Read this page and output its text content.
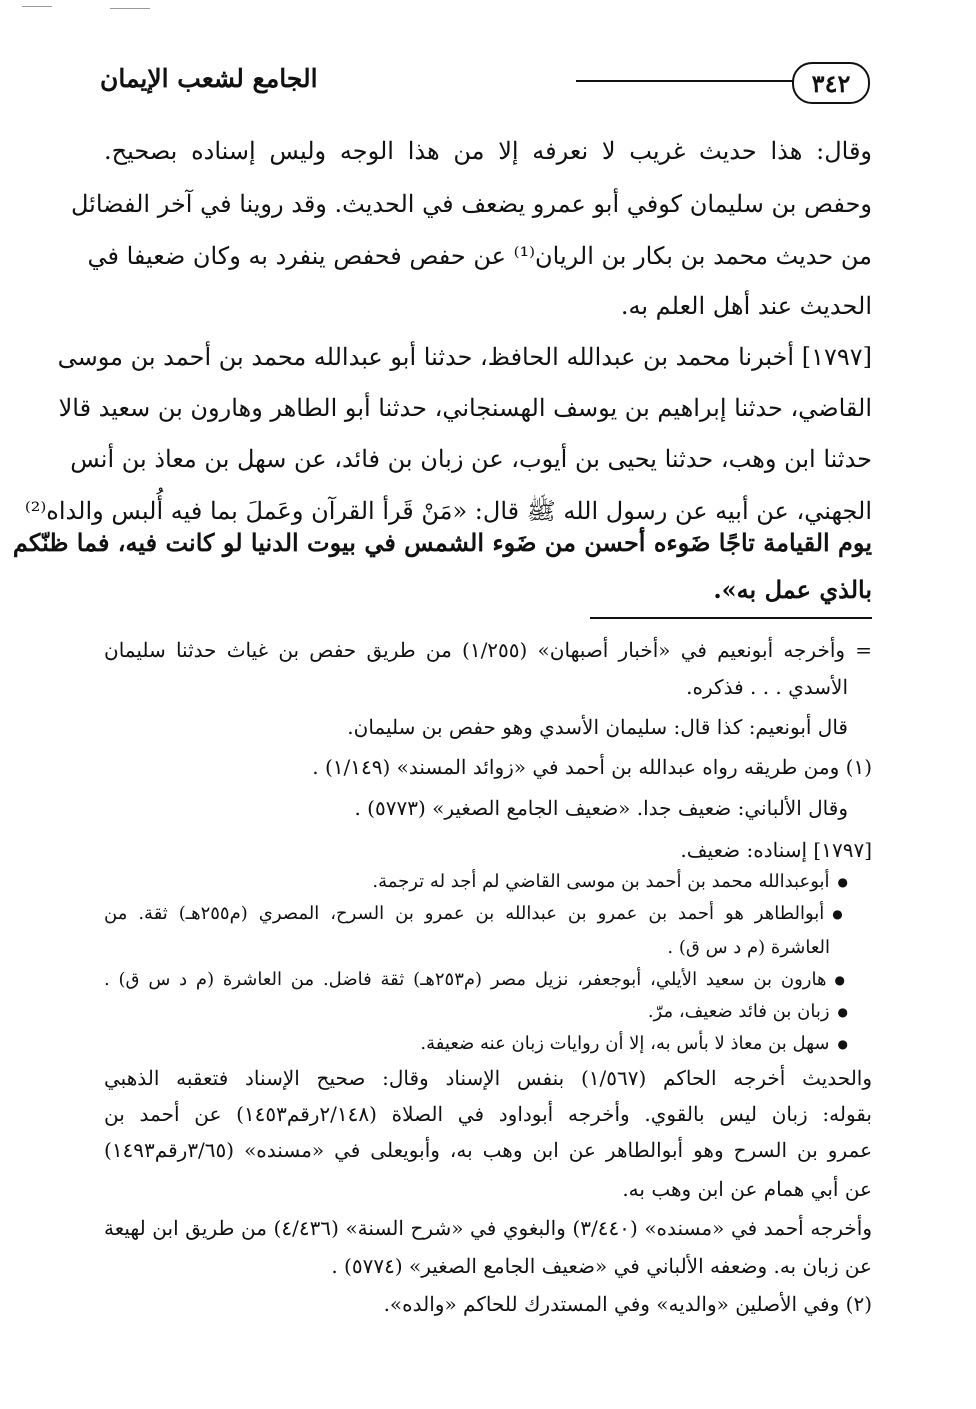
٣٤٢
الجامع لشعب الإيمان
وقال: هذا حديث غريب لا نعرفه إلا من هذا الوجه وليس إسناده بصحيح.
وحفص بن سليمان كوفي أبو عمرو يضعف في الحديث. وقد روينا في آخر الفضائل
من حديث محمد بن بكار بن الريان⁽¹⁾ عن حفص فحفص ينفرد به وكان ضعيفا في
الحديث عند أهل العلم به.
[١٧٩٧] أخبرنا محمد بن عبدالله الحافظ، حدثنا أبو عبدالله محمد بن أحمد بن موسى
القاضي، حدثنا إبراهيم بن يوسف الهسنجاني، حدثنا أبو الطاهر وهارون بن سعيد قالا
حدثنا ابن وهب، حدثنا يحيى بن أيوب، عن زبان بن فائد، عن سهل بن معاذ بن أنس
الجهني، عن أبيه عن رسول الله ﷺ قال: «مَنْ قَرأ القرآن وعَملَ بما فيه أُلبس والداه⁽²⁾
يوم القيامة تاجًا ضَوءه أحسن من ضَوء الشمس في بيوت الدنيا لو كانت فيه، فما ظنّكم
بالذي عمل به».
= وأخرجه أبونعيم في «أخبار أصبهان» (١/٢٥٥) من طريق حفص بن غياث حدثنا سليمان
الأسدي . . . فذكره.
قال أبونعيم: كذا قال: سليمان الأسدي وهو حفص بن سليمان.
(١) ومن طريقه رواه عبدالله بن أحمد في «زوائد المسند» (١/١٤٩) .
وقال الألباني: ضعيف جدا. «ضعيف الجامع الصغير» (٥٧٧٣) .
[١٧٩٧] إسناده: ضعيف.
● أبوعبدالله محمد بن أحمد بن موسى القاضي لم أجد له ترجمة.
● أبوالطاهر هو أحمد بن عمرو بن عبدالله بن عمرو بن السرح، المصري (م٢٥٥هـ) ثقة. من
العاشرة (م د س ق) .
● هارون بن سعيد الأيلي، أبوجعفر، نزيل مصر (م٢٥٣هـ) ثقة فاضل. من العاشرة (م د س ق) .
● زبان بن فائد ضعيف، مرّ.
● سهل بن معاذ لا بأس به، إلا أن روايات زبان عنه ضعيفة.
والحديث أخرجه الحاكم (١/٥٦٧) بنفس الإسناد وقال: صحيح الإسناد فتعقبه الذهبي
بقوله: زبان ليس بالقوي. وأخرجه أبوداود في الصلاة (٢/١٤٨رقم١٤٥٣) عن أحمد بن
عمرو بن السرح وهو أبوالطاهر عن ابن وهب به، وأبويعلى في «مسنده» (٣/٦٥رقم١٤٩٣)
عن أبي همام عن ابن وهب به.
وأخرجه أحمد في «مسنده» (٣/٤٤٠) والبغوي في «شرح السنة» (٤/٤٣٦) من طريق ابن لهيعة
عن زبان به. وضعفه الألباني في «ضعيف الجامع الصغير» (٥٧٧٤) .
(٢) وفي الأصلين «والديه» وفي المستدرك للحاكم «والده».
